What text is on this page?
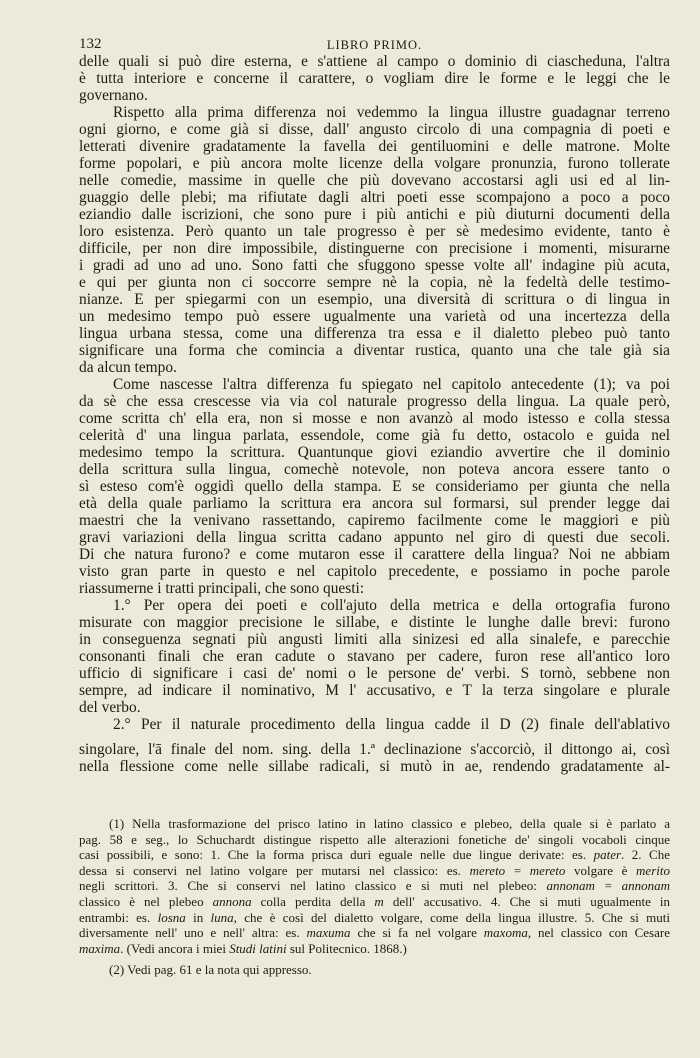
132	LIBRO PRIMO.
delle quali si può dire esterna, e s'attiene al campo o dominio di ciascheduna, l'altra
è tutta interiore e concerne il carattere, o vogliam dire le forme e le leggi che le
governano.
Rispetto alla prima differenza noi vedemmo la lingua illustre guadagnar terreno
ogni giorno, e come già si disse, dall' angusto circolo di una compagnia di poeti e
letterati divenire gradatamente la favella dei gentiluomini e delle matrone. Molte
forme popolari, e più ancora molte licenze della volgare pronunzia, furono tollerate
nelle comedie, massime in quelle che più dovevano accostarsi agli usi ed al lin-
guaggio delle plebi; ma rifiutate dagli altri poeti esse scompajono a poco a poco
eziandio dalle iscrizioni, che sono pure i più antichi e più diuturni documenti della
loro esistenza. Però quanto un tale progresso è per sè medesimo evidente, tanto è
difficile, per non dire impossibile, distinguerne con precisione i momenti, misurarne
i gradi ad uno ad uno. Sono fatti che sfuggono spesse volte all' indagine più acuta,
e qui per giunta non ci soccorre sempre nè la copia, nè la fedeltà delle testimo-
nianze. E per spiegarmi con un esempio, una diversità di scrittura o di lingua in
un medesimo tempo può essere ugualmente una varietà od una incertezza della
lingua urbana stessa, come una differenza tra essa e il dialetto plebeo può tanto
significare una forma che comincia a diventar rustica, quanto una che tale già sia
da alcun tempo.
Come nascesse l'altra differenza fu spiegato nel capitolo antecedente (1); va poi
da sè che essa crescesse via via col naturale progresso della lingua. La quale però,
come scritta ch' ella era, non si mosse e non avanzò al modo istesso e colla stessa
celerità d' una lingua parlata, essendole, come già fu detto, ostacolo e guida nel
medesimo tempo la scrittura. Quantunque giovi eziandio avvertire che il dominio
della scrittura sulla lingua, comechè notevole, non poteva ancora essere tanto o
sì esteso com'è oggidì quello della stampa. E se consideriamo per giunta che nella
età della quale parliamo la scrittura era ancora sul formarsi, sul prender legge dai
maestri che la venivano rassettando, capiremo facilmente come le maggiori e più
gravi variazioni della lingua scritta cadano appunto nel giro di questi due secoli.
Di che natura furono? e come mutaron esse il carattere della lingua? Noi ne abbiam
visto gran parte in questo e nel capitolo precedente, e possiamo in poche parole
riassumerne i tratti principali, che sono questi:
1.° Per opera dei poeti e coll'ajuto della metrica e della ortografia furono
misurate con maggior precisione le sillabe, e distinte le lunghe dalle brevi: furono
in conseguenza segnati più angusti limiti alla sinizesi ed alla sinalefe, e parecchie
consonanti finali che eran cadute o stavano per cadere, furon rese all'antico loro
ufficio di significare i casi de' nomi o le persone de' verbi. S tornò, sebbene non
sempre, ad indicare il nominativo, M l' accusativo, e T la terza singolare e plurale
del verbo.
2.° Per il naturale procedimento della lingua cadde il D (2) finale dell'ablativo
singolare, l'ā finale del nom. sing. della 1.ª declinazione s'accorciò, il dittongo ai, così
nella flessione come nelle sillabe radicali, si mutò in ae, rendendo gradatamente al-
(1) Nella trasformazione del prisco latino in latino classico e plebeo, della quale si è parlato a
pag. 58 e seg., lo Schuchardt distingue rispetto alle alterazioni fonetiche de' singoli vocaboli cinque
casi possibili, e sono: 1. Che la forma prisca duri eguale nelle due lingue derivate: es. pater. 2. Che
dessa si conservi nel latino volgare per mutarsi nel classico: es. mereto = mereto volgare è merito
negli scrittori. 3. Che si conservi nel latino classico e si muti nel plebeo: annonam = annonam
classico è nel plebeo annona colla perdita della m dell' accusativo. 4. Che si muti ugualmente in
entrambi: es. losna in luna, che è così del dialetto volgare, come della lingua illustre. 5. Che si muti
diversamente nell' uno e nell' altra: es. maxuma che si fa nel volgare maxoma, nel classico con Cesare
maxima. (Vedi ancora i miei Studi latini sul Politecnico. 1868.)
(2) Vedi pag. 61 e la nota qui appresso.
